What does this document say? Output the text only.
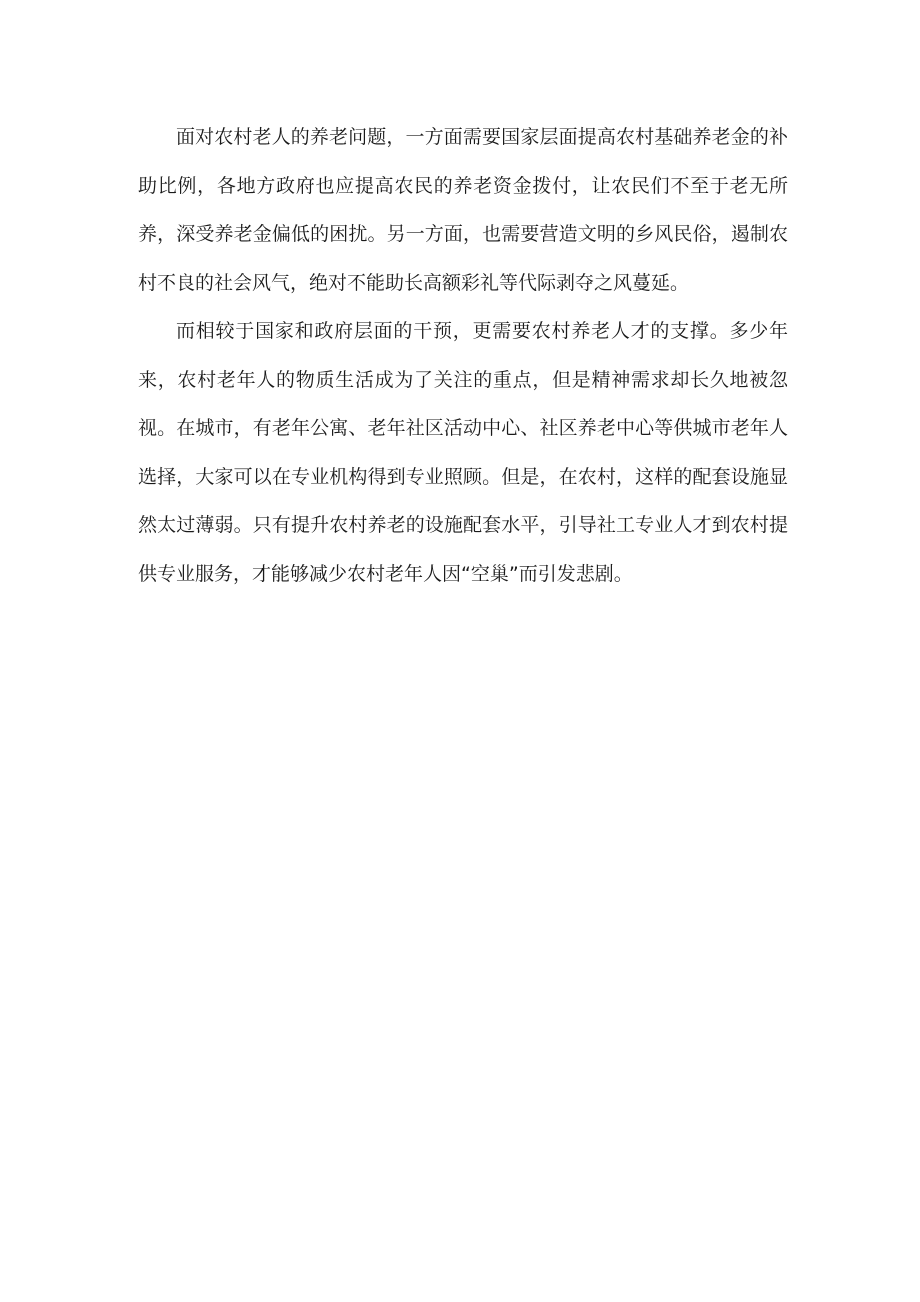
面对农村老人的养老问题，一方面需要国家层面提高农村基础养老金的补助比例，各地方政府也应提高农民的养老资金拨付，让农民们不至于老无所养，深受养老金偏低的困扰。另一方面，也需要营造文明的乡风民俗，遏制农村不良的社会风气，绝对不能助长高额彩礼等代际剥夺之风蔓延。

而相较于国家和政府层面的干预，更需要农村养老人才的支撑。多少年来，农村老年人的物质生活成为了关注的重点，但是精神需求却长久地被忽视。在城市，有老年公寓、老年社区活动中心、社区养老中心等供城市老年人选择，大家可以在专业机构得到专业照顾。但是，在农村，这样的配套设施显然太过薄弱。只有提升农村养老的设施配套水平，引导社工专业人才到农村提供专业服务，才能够减少农村老年人因“空巢”而引发悲剧。
